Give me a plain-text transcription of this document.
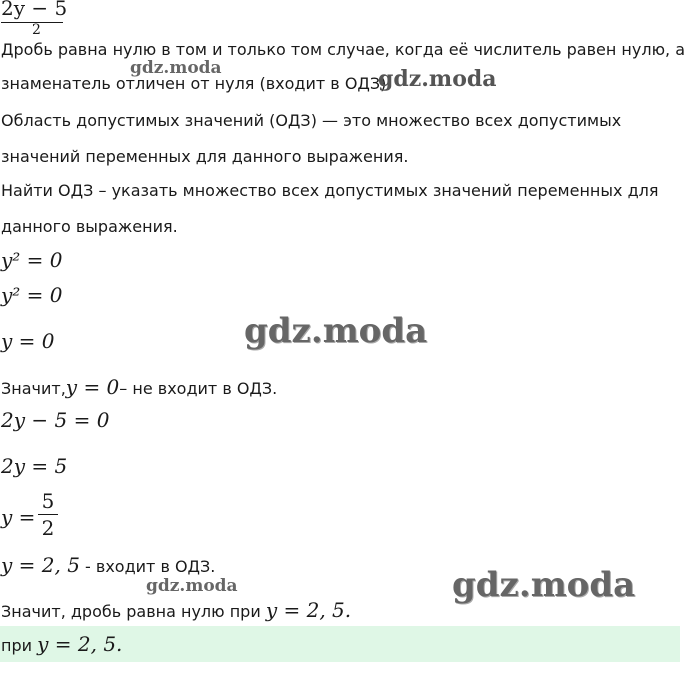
2y − 5
2
Дробь равна нулю в том и только том случае, когда её числитель равен нулю, а
знаменатель отличен от нуля (входит в ОДЗ).
Область допустимых значений (ОДЗ) — это множество всех допустимых
значений переменных для данного выражения.
Найти ОДЗ – указать множество всех допустимых значений переменных для
данного выражения.
y² = 0
y² = 0
y = 0
Значит,y = 0– не входит в ОДЗ.
2y − 5 = 0
2y = 5
y =
5
2
y = 2, 5 - входит в ОДЗ.
Значит, дробь равна нулю при y = 2, 5.
при y = 2, 5.
gdz.moda	gdz.moda
gdz.moda
gdz.moda	gdz.moda
